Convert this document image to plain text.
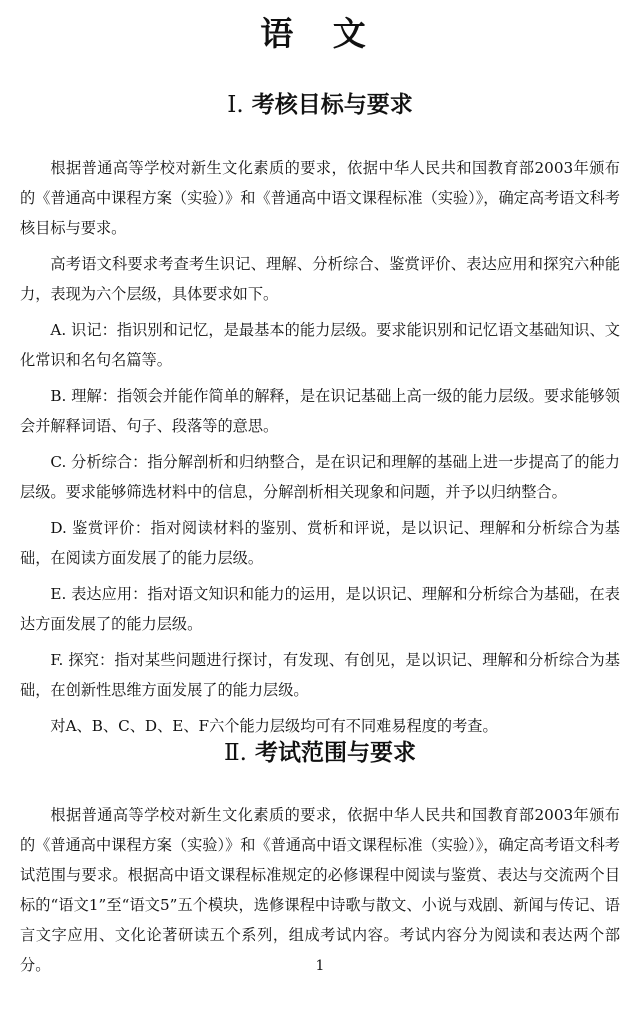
语 文
Ⅰ. 考核目标与要求

根据普通高等学校对新生文化素质的要求，依据中华人民共和国教育部2003年颁布的《普通高中课程方案（实验）》和《普通高中语文课程标准（实验）》，确定高考语文科考核目标与要求。

高考语文科要求考查考生识记、理解、分析综合、鉴赏评价、表达应用和探究六种能力，表现为六个层级，具体要求如下。

A. 识记：指识别和记忆，是最基本的能力层级。要求能识别和记忆语文基础知识、文化常识和名句名篇等。

B. 理解：指领会并能作简单的解释，是在识记基础上高一级的能力层级。要求能够领会并解释词语、句子、段落等的意思。

C. 分析综合：指分解剖析和归纳整合，是在识记和理解的基础上进一步提高了的能力层级。要求能够筛选材料中的信息，分解剖析相关现象和问题，并予以归纳整合。

D. 鉴赏评价：指对阅读材料的鉴别、赏析和评说，是以识记、理解和分析综合为基础，在阅读方面发展了的能力层级。

E. 表达应用：指对语文知识和能力的运用，是以识记、理解和分析综合为基础，在表达方面发展了的能力层级。

F. 探究：指对某些问题进行探讨，有发现、有创见，是以识记、理解和分析综合为基础，在创新性思维方面发展了的能力层级。

对A、B、C、D、E、F六个能力层级均可有不同难易程度的考查。

Ⅱ. 考试范围与要求

根据普通高等学校对新生文化素质的要求，依据中华人民共和国教育部2003年颁布的《普通高中课程方案（实验）》和《普通高中语文课程标准（实验）》，确定高考语文科考试范围与要求。根据高中语文课程标准规定的必修课程中阅读与鉴赏、表达与交流两个目标的“语文1”至“语文5”五个模块，选修课程中诗歌与散文、小说与戏剧、新闻与传记、语言文字应用、文化论著研读五个系列，组成考试内容。考试内容分为阅读和表达两个部分。	1
